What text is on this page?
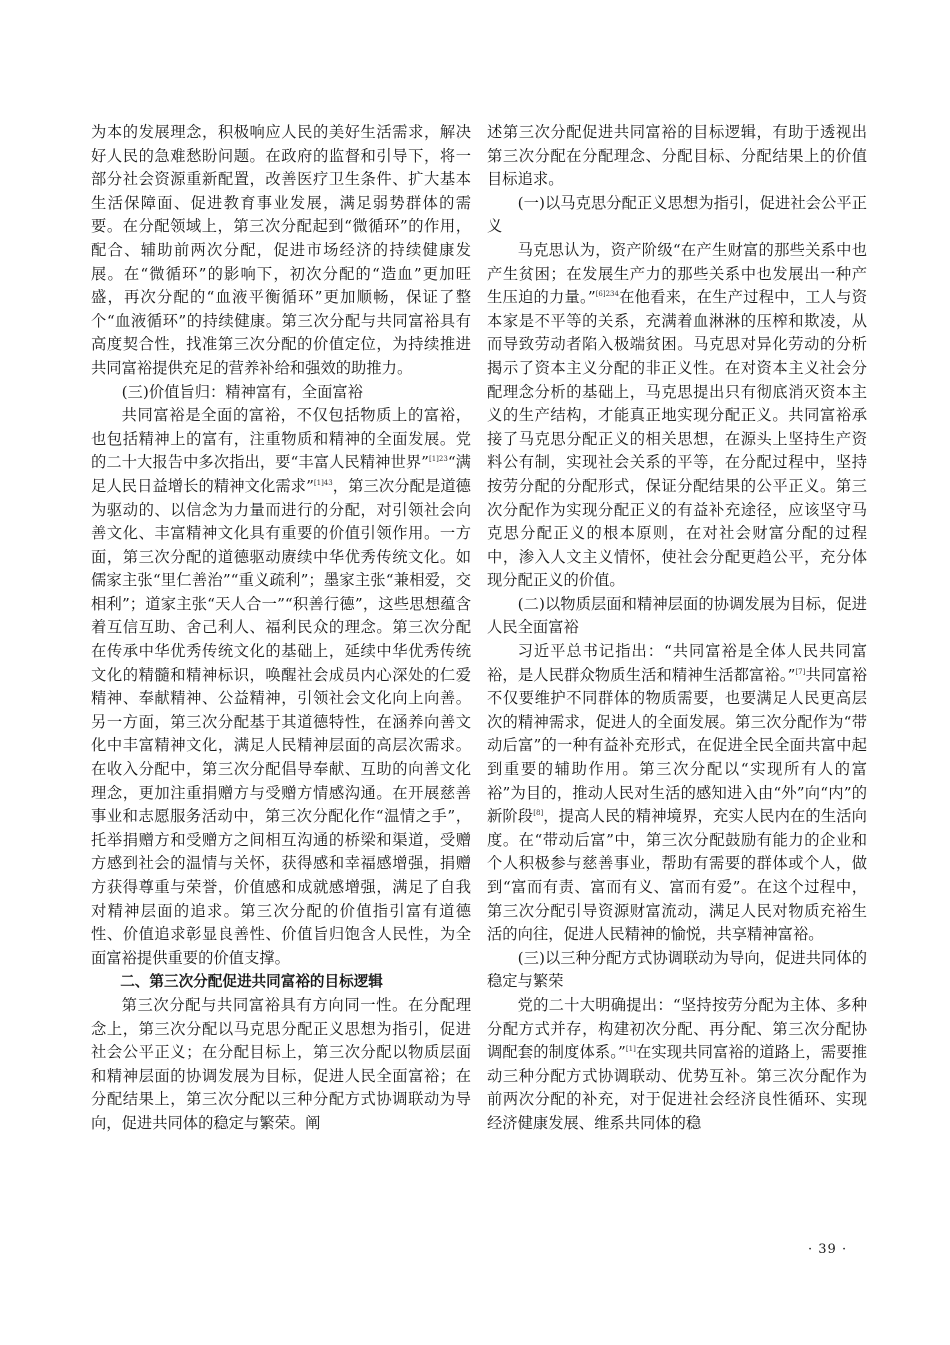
为本的发展理念，积极响应人民的美好生活需求，解决好人民的急难愁盼问题。在政府的监督和引导下，将一部分社会资源重新配置，改善医疗卫生条件、扩大基本生活保障面、促进教育事业发展，满足弱势群体的需要。在分配领域上，第三次分配起到“微循环”的作用，配合、辅助前两次分配，促进市场经济的持续健康发展。在“微循环”的影响下，初次分配的“造血”更加旺盛，再次分配的“血液平衡循环”更加顺畅，保证了整个“血液循环”的持续健康。第三次分配与共同富裕具有高度契合性，找准第三次分配的价值定位，为持续推进共同富裕提供充足的营养补给和强效的助推力。

(三)价值旨归：精神富有，全面富裕

共同富裕是全面的富裕，不仅包括物质上的富裕，也包括精神上的富有，注重物质和精神的全面发展。党的二十大报告中多次指出，要“丰富人民精神世界”$^{[1]23}$“满足人民日益增长的精神文化需求”$^{[1]43}$，第三次分配是道德为驱动的、以信念为力量而进行的分配，对引领社会向善文化、丰富精神文化具有重要的价值引领作用。一方面，第三次分配的道德驱动赓续中华优秀传统文化。如儒家主张“里仁善治”“重义疏利”；墨家主张“兼相爱，交相利”；道家主张“天人合一”“积善行德”，这些思想蕴含着互信互助、舍己利人、福利民众的理念。第三次分配在传承中华优秀传统文化的基础上，延续中华优秀传统文化的精髓和精神标识，唤醒社会成员内心深处的仁爱精神、奉献精神、公益精神，引领社会文化向上向善。另一方面，第三次分配基于其道德特性，在涵养向善文化中丰富精神文化，满足人民精神层面的高层次需求。在收入分配中，第三次分配倡导奉献、互助的向善文化理念，更加注重捐赠方与受赠方情感沟通。在开展慈善事业和志愿服务活动中，第三次分配化作“温情之手”，托举捐赠方和受赠方之间相互沟通的桥梁和渠道，受赠方感到社会的温情与关怀，获得感和幸福感增强，捐赠方获得尊重与荣誉，价值感和成就感增强，满足了自我对精神层面的追求。第三次分配的价值指引富有道德性、价值追求彰显良善性、价值旨归饱含人民性，为全面富裕提供重要的价值支撑。

二、第三次分配促进共同富裕的目标逻辑

第三次分配与共同富裕具有方向同一性。在分配理念上，第三次分配以马克思分配正义思想为指引，促进社会公平正义；在分配目标上，第三次分配以物质层面和精神层面的协调发展为目标，促进人民全面富裕；在分配结果上，第三次分配以三种分配方式协调联动为导向，促进共同体的稳定与繁荣。阐

述第三次分配促进共同富裕的目标逻辑，有助于透视出第三次分配在分配理念、分配目标、分配结果上的价值目标追求。

(一)以马克思分配正义思想为指引，促进社会公平正义

马克思认为，资产阶级“在产生财富的那些关系中也产生贫困；在发展生产力的那些关系中也发展出一种产生压迫的力量。”$^{[6]234}$在他看来，在生产过程中，工人与资本家是不平等的关系，充满着血淋淋的压榨和欺凌，从而导致劳动者陷入极端贫困。马克思对异化劳动的分析揭示了资本主义分配的非正义性。在对资本主义社会分配理念分析的基础上，马克思提出只有彻底消灭资本主义的生产结构，才能真正地实现分配正义。共同富裕承接了马克思分配正义的相关思想，在源头上坚持生产资料公有制，实现社会关系的平等，在分配过程中，坚持按劳分配的分配形式，保证分配结果的公平正义。第三次分配作为实现分配正义的有益补充途径，应该坚守马克思分配正义的根本原则，在对社会财富分配的过程中，渗入人文主义情怀，使社会分配更趋公平，充分体现分配正义的价值。

(二)以物质层面和精神层面的协调发展为目标，促进人民全面富裕

习近平总书记指出：“共同富裕是全体人民共同富裕，是人民群众物质生活和精神生活都富裕。”[7]共同富裕不仅要维护不同群体的物质需要，也要满足人民更高层次的精神需求，促进人的全面发展。第三次分配作为“带动后富”的一种有益补充形式，在促进全民全面共富中起到重要的辅助作用。第三次分配以“实现所有人的富裕”为目的，推动人民对生活的感知进入由“外”向“内”的新阶段[8]，提高人民的精神境界，充实人民内在的生活向度。在“带动后富”中，第三次分配鼓励有能力的企业和个人积极参与慈善事业，帮助有需要的群体或个人，做到“富而有责、富而有义、富而有爱”。在这个过程中，第三次分配引导资源财富流动，满足人民对物质充裕生活的向往，促进人民精神的愉悦，共享精神富裕。

(三)以三种分配方式协调联动为导向，促进共同体的稳定与繁荣

党的二十大明确提出：“坚持按劳分配为主体、多种分配方式并存，构建初次分配、再分配、第三次分配协调配套的制度体系。”[1]在实现共同富裕的道路上，需要推动三种分配方式协调联动、优势互补。第三次分配作为前两次分配的补充，对于促进社会经济良性循环、实现经济健康发展、维系共同体的稳

· 39 ·
